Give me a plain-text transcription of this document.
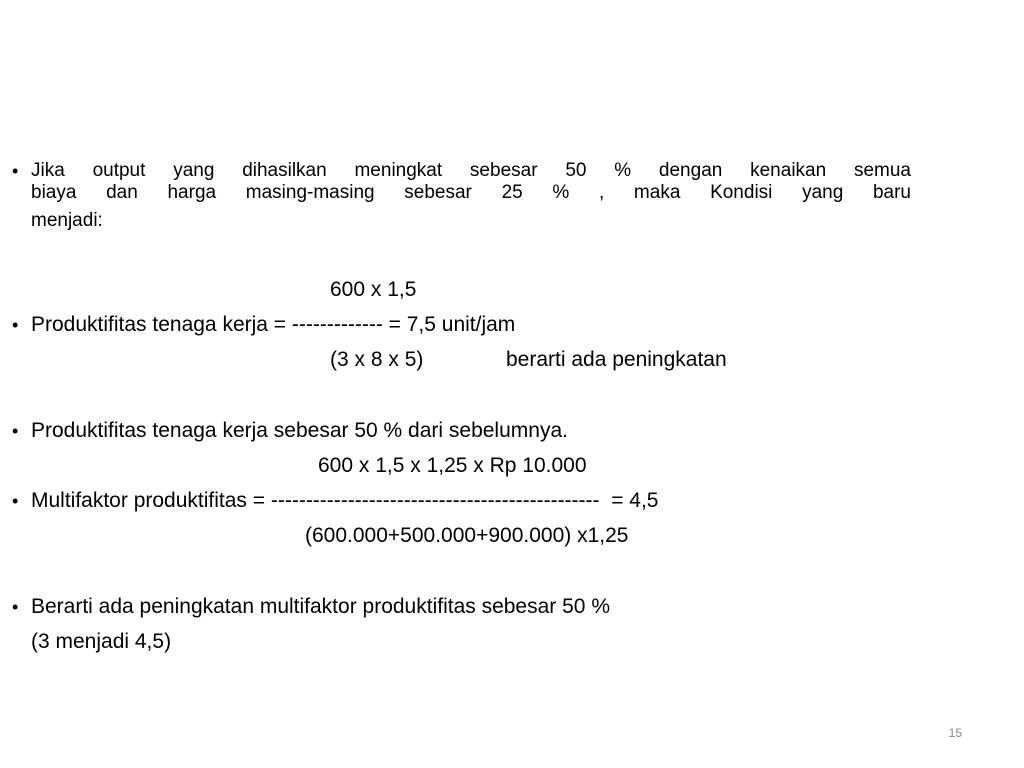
• Jika output yang dihasilkan meningkat sebesar 50 % dengan kenaikan semua
biaya dan harga masing-masing sebesar 25 % , maka Kondisi yang baru
menjadi:
600 x 1,5
• Produktifitas tenaga kerja = ------------- = 7,5 unit/jam
(3 x 8 x 5)	berarti ada peningkatan
• Produktifitas tenaga kerja sebesar 50 % dari sebelumnya.
600 x 1,5 x 1,25 x Rp 10.000
• Multifaktor produktifitas = -----------------------------------------------  = 4,5
(600.000+500.000+900.000) x1,25
• Berarti ada peningkatan multifaktor produktifitas sebesar 50 %
(3 menjadi 4,5)
15
